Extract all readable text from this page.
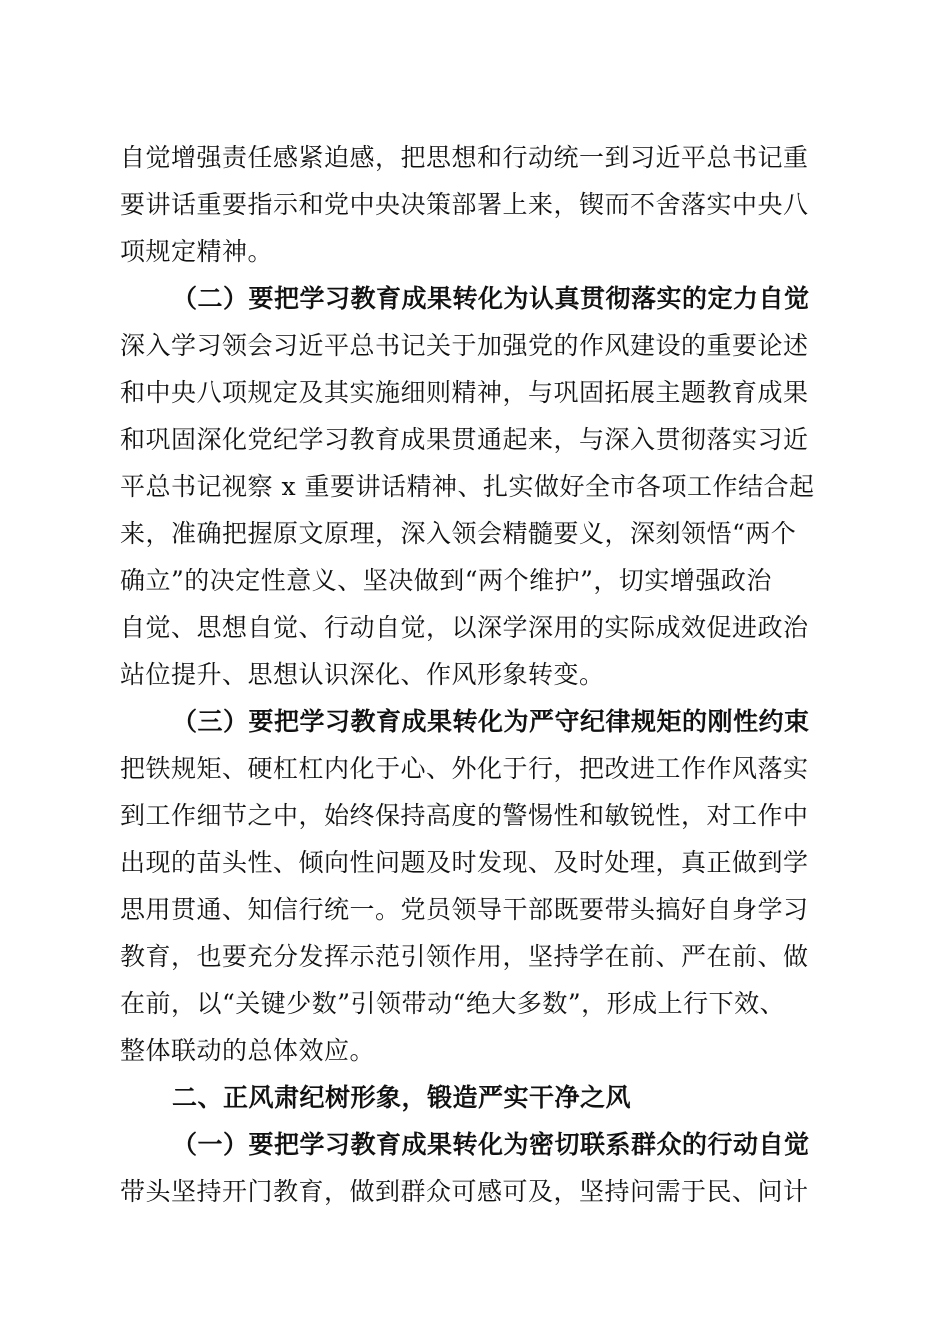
自觉增强责任感紧迫感，把思想和行动统一到习近平总书记重
要讲话重要指示和党中央决策部署上来，锲而不舍落实中央八
项规定精神。
（二）要把学习教育成果转化为认真贯彻落实的定力自觉
深入学习领会习近平总书记关于加强党的作风建设的重要论述
和中央八项规定及其实施细则精神，与巩固拓展主题教育成果
和巩固深化党纪学习教育成果贯通起来，与深入贯彻落实习近
平总书记视察 x 重要讲话精神、扎实做好全市各项工作结合起
来，准确把握原文原理，深入领会精髓要义，深刻领悟“两个
确立”的决定性意义、坚决做到“两个维护”，切实增强政治
自觉、思想自觉、行动自觉，以深学深用的实际成效促进政治
站位提升、思想认识深化、作风形象转变。
（三）要把学习教育成果转化为严守纪律规矩的刚性约束
把铁规矩、硬杠杠内化于心、外化于行，把改进工作作风落实
到工作细节之中，始终保持高度的警惕性和敏锐性，对工作中
出现的苗头性、倾向性问题及时发现、及时处理，真正做到学
思用贯通、知信行统一。党员领导干部既要带头搞好自身学习
教育，也要充分发挥示范引领作用，坚持学在前、严在前、做
在前，以“关键少数”引领带动“绝大多数”，形成上行下效、
整体联动的总体效应。
二、正风肃纪树形象，锻造严实干净之风
（一）要把学习教育成果转化为密切联系群众的行动自觉
带头坚持开门教育，做到群众可感可及，坚持问需于民、问计
